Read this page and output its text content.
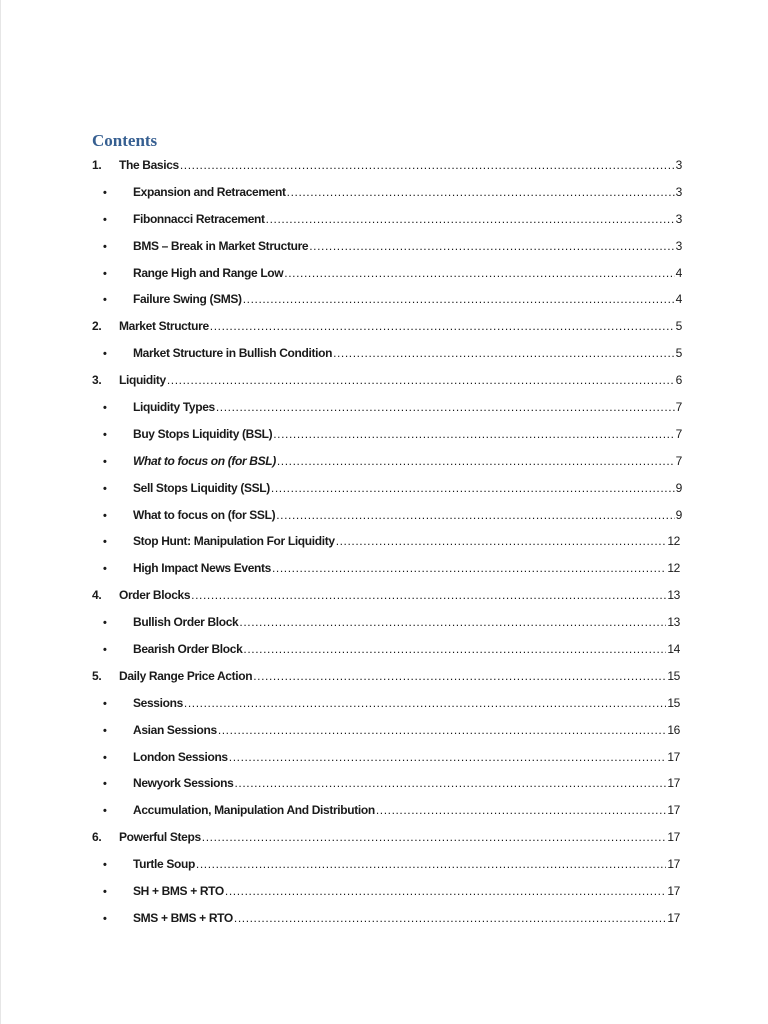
Contents
1.	The Basics .....	3
•	Expansion and Retracement .....	3
•	Fibonnacci Retracement .....	3
•	BMS – Break in Market Structure .....	3
•	Range High and Range Low .....	4
•	Failure Swing (SMS) .....	4
2.	Market Structure .....	5
•	Market Structure in Bullish Condition .....	5
3.	Liquidity .....	6
•	Liquidity Types .....	7
•	Buy Stops Liquidity (BSL) .....	7
•	What to focus on (for BSL) .....	7
•	Sell Stops Liquidity (SSL) .....	9
•	What to focus on (for SSL) .....	9
•	Stop Hunt: Manipulation For Liquidity .....	12
•	High Impact News Events .....	12
4.	Order Blocks .....	13
•	Bullish Order Block .....	13
•	Bearish Order Block .....	14
5.	Daily Range Price Action .....	15
•	Sessions .....	15
•	Asian Sessions .....	16
•	London Sessions .....	17
•	Newyork Sessions .....	17
•	Accumulation, Manipulation And Distribution .....	17
6.	Powerful Steps .....	17
•	Turtle Soup .....	17
•	SH + BMS + RTO .....	17
•	SMS + BMS + RTO .....	17
